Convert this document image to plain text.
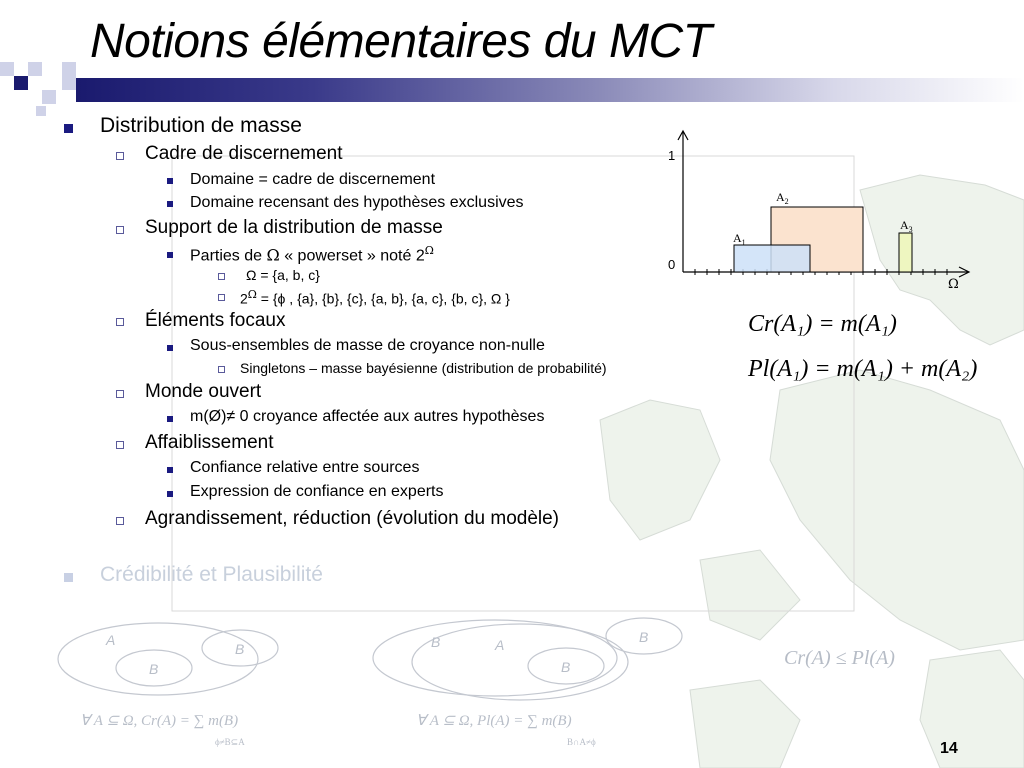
Notions élémentaires du MCT
Distribution de masse
Cadre de discernement
Domaine = cadre de discernement
Domaine recensant des hypothèses exclusives
Support de la distribution de masse
Parties de Ω « powerset » noté $2^\Omega$
Ω = {a, b, c}
$2^\Omega = \{\phi$ , {a}, {b}, {c}, {a, b}, {a, c}, {b, c}, Ω }
Éléments focaux
Sous-ensembles de masse de croyance non-nulle
Singletons – masse bayésienne (distribution de probabilité)
Monde ouvert
m(Ø)≠ 0 croyance affectée aux autres hypothèses
Affaiblissement
Confiance relative entre sources
Expression de confiance en experts
Agrandissement, réduction (évolution du modèle)
Crédibilité et Plausibilité
1
0
Ω
$A_1$
$A_2$
$A_3$
Cr(A₁) = m(A₁)
Pl(A₁) = m(A₁) + m(A₂)
Cr(A) ≤ Pl(A)
A
B
B
B	A	B
B
∀ A ⊆ Ω, Cr(A) = ∑ m(B)
ϕ≠B⊆A
∀ A ⊆ Ω, Pl(A) = ∑ m(B)
B∩A≠ϕ	14
